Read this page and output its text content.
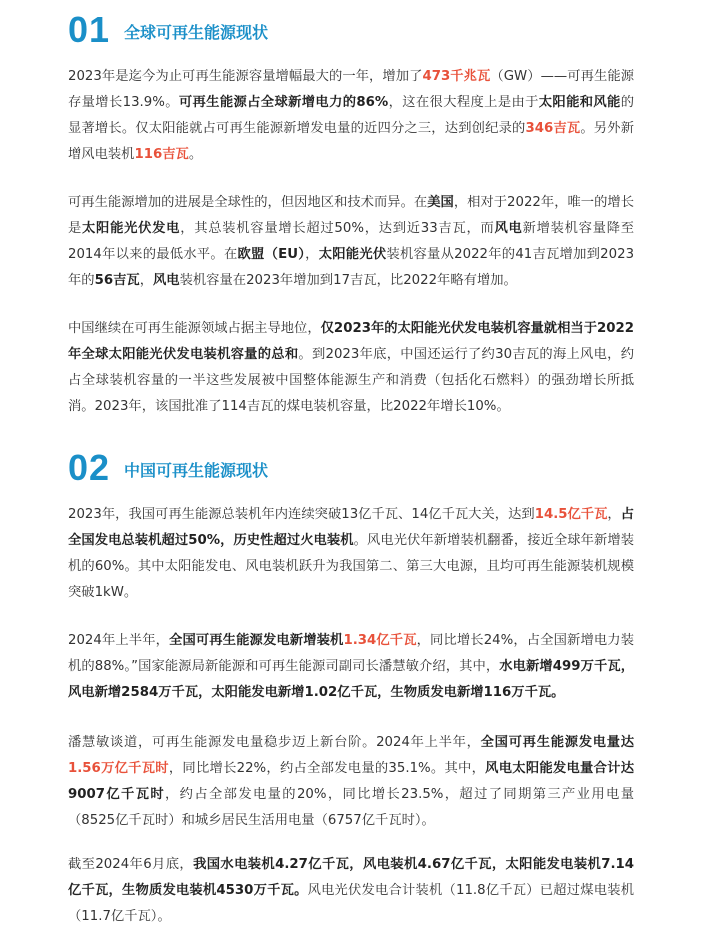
01 全球可再生能源现状

2023年是迄今为止可再生能源容量增幅最大的一年，增加了473千兆瓦（GW）——可再生能源存量增长13.9%。可再生能源占全球新增电力的86%，这在很大程度上是由于太阳能和风能的显著增长。仅太阳能就占可再生能源新增发电量的近四分之三，达到创纪录的346吉瓦。另外新增风电装机116吉瓦。

可再生能源增加的进展是全球性的，但因地区和技术而异。在美国，相对于2022年，唯一的增长是太阳能光伏发电，其总装机容量增长超过50%，达到近33吉瓦，而风电新增装机容量降至2014年以来的最低水平。在欧盟（EU），太阳能光伏装机容量从2022年的41吉瓦增加到2023年的56吉瓦，风电装机容量在2023年增加到17吉瓦，比2022年略有增加。

中国继续在可再生能源领域占据主导地位，仅2023年的太阳能光伏发电装机容量就相当于2022年全球太阳能光伏发电装机容量的总和。到2023年底，中国还运行了约30吉瓦的海上风电，约占全球装机容量的一半这些发展被中国整体能源生产和消费（包括化石燃料）的强劲增长所抵消。2023年，该国批准了114吉瓦的煤电装机容量，比2022年增长10%。

02 中国可再生能源现状

2023年，我国可再生能源总装机年内连续突破13亿千瓦、14亿千瓦大关，达到14.5亿千瓦，占全国发电总装机超过50%，历史性超过火电装机。风电光伏年新增装机翻番，接近全球年新增装机的60%。其中太阳能发电、风电装机跃升为我国第二、第三大电源，且均可再生能源装机规模突破1kW。

2024年上半年，全国可再生能源发电新增装机1.34亿千瓦，同比增长24%，占全国新增电力装机的88%。”国家能源局新能源和可再生能源司副司长潘慧敏介绍，其中，水电新增499万千瓦，风电新增2584万千瓦，太阳能发电新增1.02亿千瓦，生物质发电新增116万千瓦。

潘慧敏谈道，可再生能源发电量稳步迈上新台阶。2024年上半年，全国可再生能源发电量达1.56万亿千瓦时，同比增长22%，约占全部发电量的35.1%。其中，风电太阳能发电量合计达9007亿千瓦时，约占全部发电量的20%，同比增长23.5%，超过了同期第三产业用电量（8525亿千瓦时）和城乡居民生活用电量（6757亿千瓦时）。

截至2024年6月底，我国水电装机4.27亿千瓦，风电装机4.67亿千瓦，太阳能发电装机7.14亿千瓦，生物质发电装机4530万千瓦。风电光伏发电合计装机（11.8亿千瓦）已超过煤电装机（11.7亿千瓦）。
